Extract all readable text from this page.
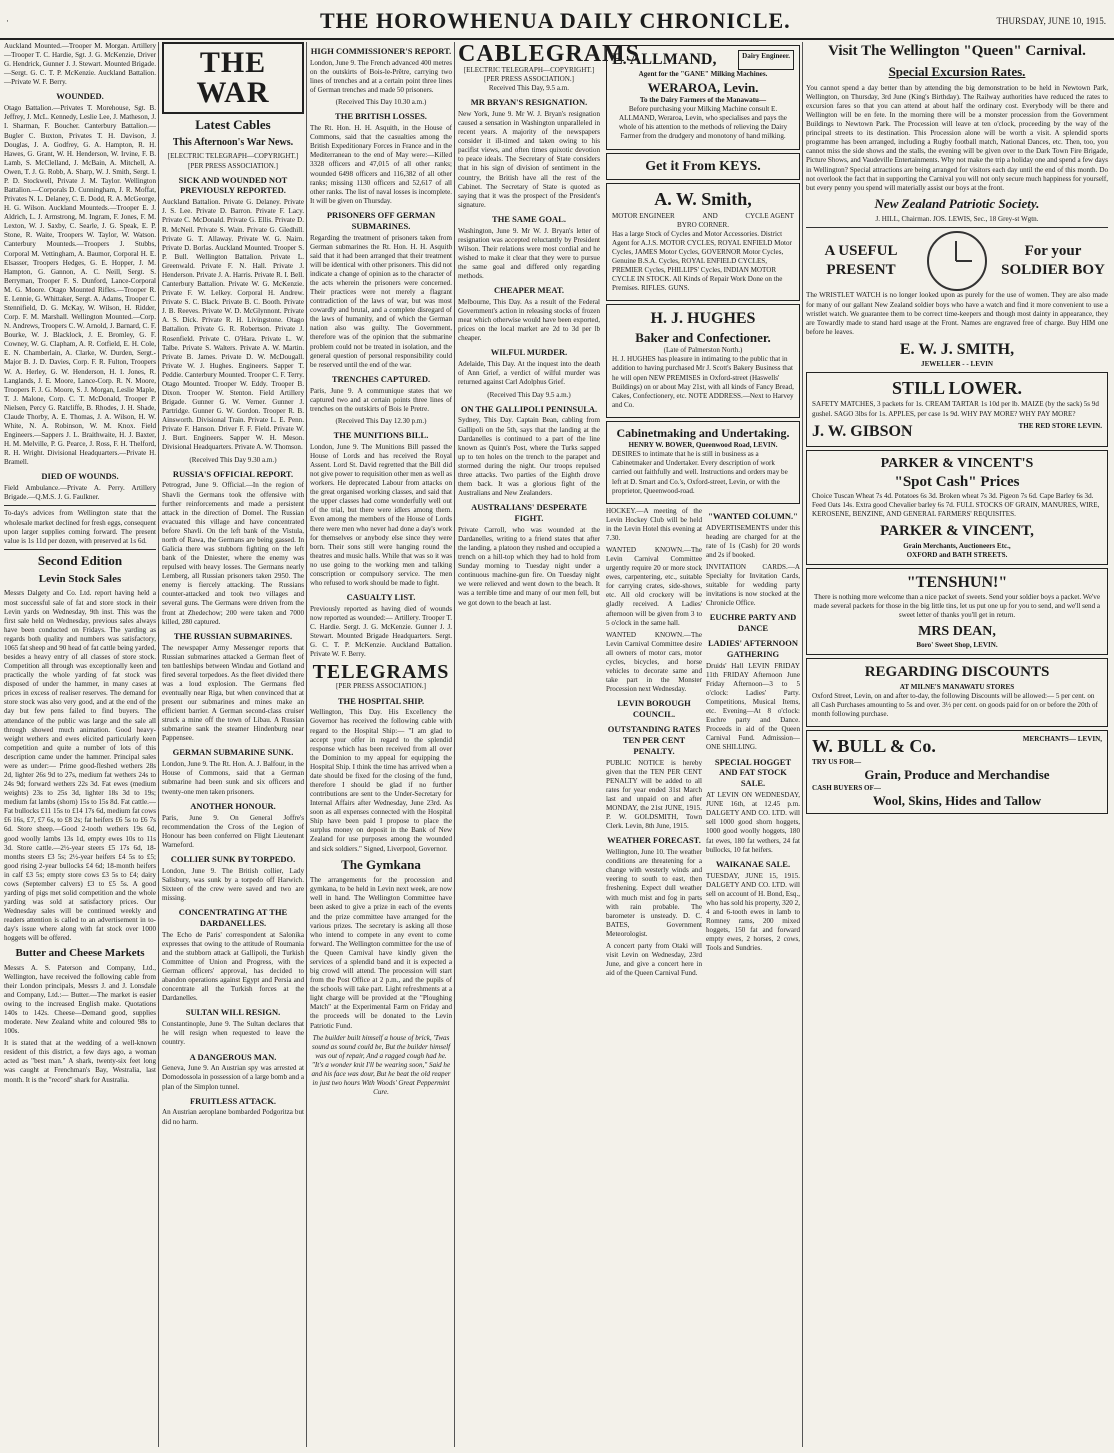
·	THE HOROWHENUA DAILY CHRONICLE.	THURSDAY, JUNE 10, 1915.

Auckland Mounted.—Trooper M. Morgan. Artillery—Trooper T. C. Hardie, Sgt. J. G. McKenzie, Driver G. Hendrick, Gunner J. J. Stewart. Mounted Brigade.—Sergt. G. C. T. P. McKenzie. Auckland Battalion.—Private W. F. Berry.

WOUNDED.

Otago Battalion.—Privates T. Morehouse, Sgt. B. Jeffrey, J. McL. Kennedy, Leslie Lee, J. Matheson, J. I. Sharman, F. Boucher. Canterbury Battalion.—Bugler C. Buxton, Privates T. H. Davison, J. Douglas, J. A. Godfrey, G. A. Hampton, R. H. Hawes, G. Grant, W. H. Henderson, W. Irvine, F. B. Lamb, S. McClelland, J. McBain, A. Mitchell, A. Owen, T. J. G. Robb, A. Sharp, W. J. Smith, Sergt. I. P. D. Stockwell, Private J. M. Taylor. Wellington Battalion.—Corporals D. Cunningham, J. R. Moffat, Privates N. L. Delaney, C. E. Dodd, R. A. McGeorge, H. G. Wilson. Auckland Mounteds.—Trooper E. J. Aldrich, L. J. Armstrong, M. Ingram, F. Jones, F. M. Lexton, W. J. Saxby, C. Searle, J. G. Speak, E. P. Stone, R. Waite, Troopers W. Taylor, W. Watson. Canterbury Mounteds.—Troopers J. Stubbs, Corporal M. Vettingham, A. Baumor, Corporal H. E. Elsasser, Troopers Hedges, G. E. Hopper, J. M. Hampton, G. Gannon, A. C. Neill, Sergt. S. Berryman, Trooper F. S. Dunford, Lance-Corporal M. G. Moore. Otago Mounted Rifles.—Trooper R. E. Lennie, G. Whittaker, Sergt. A. Adams, Trooper C. Stennifield, D. G. McKay, W. Wilson, H. Ridder, Corp. F. M. Marshall. Wellington Mounted.—Corp. N. Andrews, Troopers C. W. Arnold, J. Barnard, C. F. Bourke, W. J. Blacklock, J. E. Bromley, G. F. Cowney, W. G. Clapham, A. R. Cotfield, E. H. Cole, E. N. Chamberlain, A. Clarke, W. Durden, Sergt.-Major B. J. D. Davies, Corp. F. R. Fulton, Troopers W. A. Herley, G. W. Henderson, H. I. Jones, R. Langlands, J. E. Moore, Lance-Corp. R. N. Moore, Troopers F. J. G. Moore, S. J. Morgan, Leslie Maple, T. J. Malone, Corp. C. T. McDonald, Trooper P. Nielsen, Percy G. Ratcliffe, B. Rhodes, J. H. Shade, Claude Thorby, A. E. Thomas, J. A. Wilson, H. W. White, N. A. Robinson, W. M. Knox. Field Engineers.—Sappers J. L. Braithwaite, H. J. Baxter, H. M. Melville, P. G. Pearce, J. Ross, F. H. Thelford, R. H. Wright. Divisional Headquarters.—Private H. Bramell.

DIED OF WOUNDS.

Field Ambulance.—Private A. Perry. Artillery Brigade.—Q.M.S. J. G. Faulkner.

To-day's advices from Wellington state that the wholesale market declined for fresh eggs, consequent upon larger supplies coming forward. The present value is 1s 11d per dozen, with preserved at 1s 6d.

Second Edition
Levin Stock Sales

Messrs Dalgety and Co. Ltd. report having held a most successful sale of fat and store stock in their Levin yards on Wednesday, 9th inst. This was the first sale held on Wednesday, previous sales always have been conducted on Fridays. The yarding as regards both quality and numbers was satisfactory, 1065 fat sheep and 90 head of fat cattle being yarded, besides a heavy entry of all classes of store stock. Competition all through was exceptionally keen and practically the whole yarding of fat stock was disposed of under the hammer, in many cases at prices in excess of realiser reserves. The demand for store stock was also very good, and at the end of the day but few pens failed to find buyers. The attendance of the public was large and the sale all through showed much animation. Good heavy-weight wethers and ewes elicited particularly keen competition and quite a number of lots of this description came under the hammer. Principal sales were as under:— Prime good-fleshed wethers 28s 2d, lighter 26s 9d to 27s, medium fat wethers 24s to 24s 9d; forward wethers 22s 3d. Fat ewes (medium weights) 23s to 25s 3d, lighter 18s 3d to 19s; medium fat lambs (shorn) 15s to 15s 8d. Fat cattle.—Fat bullocks £11 15s to £14 17s 6d, medium fat cows £6 16s, £7, £7 6s, to £8 2s; fat heifers £6 5s to £6 7s 6d. Store sheep.—Good 2-tooth wethers 19s 6d, good woolly lambs 13s 1d, empty ewes 10s to 11s 3d. Store cattle.—2½-year steers £5 17s 6d, 18-months steers £3 5s; 2½-year heifers £4 5s to £5; good rising 2-year bullocks £4 6d; 18-month heifers in calf £3 5s; empty store cows £3 5s to £4; dairy cows (September calvers) £3 to £5 5s. A good yarding of pigs met solid competition and the whole yarding was sold at satisfactory prices. Our Wednesday sales will be continued weekly and readers attention is called to an advertisement in to-day's issue where along with fat stock over 1000 hoggets will be offered.

Butter and Cheese Markets

Messrs A. S. Paterson and Company, Ltd., Wellington, have received the following cable from their London principals, Messrs J. and J. Lonsdale and Company, Ltd.:— Butter.—The market is easier owing to the increased English make. Quotations 140s to 142s. Cheese—Demand good, supplies moderate. New Zealand white and coloured 98s to 100s.

It is stated that at the wedding of a well-known resident of this district, a few days ago, a woman acted as "best man." A shark, twenty-six feet long was caught at Frenchman's Bay, Westralia, last month. It is the "record" shark for Australia.

THE WAR
Latest Cables
This Afternoon's War News.

[ELECTRIC TELEGRAPH—COPYRIGHT.] [PER PRESS ASSOCIATION.]

SICK AND WOUNDED NOT PREVIOUSLY REPORTED.

Auckland Battalion. Private G. Delaney. Private J. S. Lee. Private D. Barron. Private F. Lacy. Private C. McDonald. Private G. Ellis. Private D. R. McNeil. Private S. Wain. Private G. Gledhill. Private G. T. Allaway. Private W. G. Nairn. Private D. Borlas. Auckland Mounted. Trooper S. P. Bull. Wellington Battalion. Private L. Greenwald. Private F. N. Hall. Private J. Henderson. Private J. A. Harris. Private R. I. Bell. Canterbury Battalion. Private W. G. McKenzie. Private F. W. Lelkey. Corporal H. Andrew. Private S. C. Black. Private B. C. Booth. Private J. B. Reeves. Private W. D. McGlynnont. Private A. S. Dick. Private R. H. Livingstone. Otago Battalion. Private G. R. Robertson. Private J. Rosenfield. Private C. O'Hara. Private L. W. Talbe. Private S. Walters. Private A. W. Martin. Private B. James. Private D. W. McDougall. Private W. J. Hughes. Engineers. Sapper T. Peddie. Canterbury Mounted. Trooper C. F. Terry. Otago Mounted. Trooper W. Eddy. Trooper B. Dixon. Trooper W. Stenton. Field Artillery Brigade. Gunner G. W. Verner. Gunner J. Partridge. Gunner G. W. Gordon. Trooper R. B. Ainsworth. Divisional Train. Private L. E. Penn. Private F. Hanson. Driver F. F. Field. Private W. J. Burt. Engineers. Sapper W. H. Meson. Divisional Headquarters. Private A. W. Thomson.

(Received This Day 9.30 a.m.)

RUSSIA'S OFFICIAL REPORT.

Petrograd, June 9. Official.—In the region of Shavli the Germans took the offensive with further reinforcements and made a persistent attack in the direction of Domel. The Russian evacuated this village and have concentrated before Shavli. On the left bank of the Vistula, north of Rawa, the Germans are being gassed. In Galicia there was stubborn fighting on the left bank of the Dniester, where the enemy was repulsed with heavy losses. The Germans nearly Lemberg, all Russian prisoners taken 2950. The enemy is fiercely attacking. The Russians counter-attacked and took two villages and several guns. The Germans were driven from the front at Zhedechow; 200 were taken and 7000 killed, 280 captured.

THE RUSSIAN SUBMARINES.

The newspaper Army Messenger reports that Russian submarines attacked a German fleet of ten battleships between Windau and Gotland and fired several torpedoes. As the fleet divided there was a loud explosion. The Germans fled eventually near Riga, but when convinced that at present our submarines and mines make an efficient barrier. A German second-class cruiser struck a mine off the town of Libau. A Russian submarine sank the steamer Hindenburg near Pappensee.

GERMAN SUBMARINE SUNK.

London, June 9. The Rt. Hon. A. J. Balfour, in the House of Commons, said that a German submarine had been sunk and six officers and twenty-one men taken prisoners.

ANOTHER HONOUR.

Paris, June 9. On General Joffre's recommendation the Cross of the Legion of Honour has been conferred on Flight Lieutenant Warneford.

COLLIER SUNK BY TORPEDO.

London, June 9. The British collier, Lady Salisbury, was sunk by a torpedo off Harwich. Sixteen of the crew were saved and two are missing.

CONCENTRATING AT THE DARDANELLES.

The Echo de Paris' correspondent at Salonika expresses that owing to the attitude of Roumania and the stubborn attack at Gallipoli, the Turkish Committee of Union and Progress, with the German officers' approval, has decided to abandon operations against Egypt and Persia and concentrate all the Turkish forces at the Dardanelles.

SULTAN WILL RESIGN.

Constantinople, June 9. The Sultan declares that he will resign when requested to leave the country.

A DANGEROUS MAN.

Geneva, June 9. An Austrian spy was arrested at Domodossola in possession of a large bomb and a plan of the Simplon tunnel.

FRUITLESS ATTACK.

An Austrian aeroplane bombarded Podgoritza but did no harm.

HIGH COMMISSIONER'S REPORT.

London, June 9. The French advanced 400 metres on the outskirts of Bois-le-Prêtre, carrying two lines of trenches and at a certain point three lines of German trenches and made 50 prisoners.

(Received This Day 10.30 a.m.)

THE BRITISH LOSSES.

The Rt. Hon. H. H. Asquith, in the House of Commons, said that the casualties among the British Expeditionary Forces in France and in the Mediterranean to the end of May were:—Killed 3328 officers and 47,015 of all other ranks; wounded 6498 officers and 116,382 of all other ranks; missing 1130 officers and 52,617 of all other ranks. The list of naval losses is incomplete. It will be given on Thursday.

PRISONERS OFF GERMAN SUBMARINES.

Regarding the treatment of prisoners taken from German submarines the Rt. Hon. H. H. Asquith said that it had been arranged that their treatment will be identical with other prisoners. This did not indicate a change of opinion as to the character of the acts wherein the prisoners were concerned. Their practices were not merely a flagrant contradiction of the laws of war, but was most cowardly and brutal, and a complete disregard of the laws of humanity, and of which the German nation also was guilty. The Government, therefore was of the opinion that the submarine problem could not be treated in isolation, and the general question of personal responsibility could be reserved until the end of the war.

TRENCHES CAPTURED.

Paris, June 9. A communique states that we captured two and at certain points three lines of trenches on the outskirts of Bois le Pretre.

(Received This Day 12.30 p.m.)

THE MUNITIONS BILL.

London, June 9. The Munitions Bill passed the House of Lords and has received the Royal Assent. Lord St. David regretted that the Bill did not give power to requisition other men as well as workers. He deprecated Labour from attacks on the great organised working classes, and said that the upper classes had come wonderfully well out of the trial, but there were idlers among them. Even among the members of the House of Lords there were men who never had done a day's work for themselves or anybody else since they were born. Their sons still were hanging round the theatres and music halls. While that was so it was no use going to the working men and talking conscription or compulsory service. The men who refused to work should be made to fight.

CASUALTY LIST.

Previously reported as having died of wounds now reported as wounded:— Artillery. Trooper T. C. Hardie. Sergt. J. G. McKenzie. Gunner J. J. Stewart. Mounted Brigade Headquarters. Sergt. G. C. T. P. McKenzie. Auckland Battalion. Private W. F. Berry.

TELEGRAMS

[PER PRESS ASSOCIATION.]

THE HOSPITAL SHIP.

Wellington, This Day. His Excellency the Governor has received the following cable with regard to the Hospital Ship:— "I am glad to accept your offer in regard to the splendid response which has been received from all over the Dominion to my appeal for equipping the Hospital Ship. I think the time has arrived when a date should be fixed for the closing of the fund, therefore I should be glad if no further contributions are sent to the Under-Secretary for Internal Affairs after Wednesday, June 23rd. As soon as all expenses connected with the Hospital Ship have been paid I propose to place the surplus money on deposit in the Bank of New Zealand for use purposes among the wounded and sick soldiers." Signed, Liverpool, Governor.

The Gymkana

The arrangements for the procession and gymkana, to be held in Levin next week, are now well in hand. The Wellington Committee have been asked to give a prize in each of the events and the prize committee have arranged for the various prizes. The secretary is asking all those who intend to compete in any event to come forward. The Wellington committee for the use of the Queen Carnival have kindly given the services of a splendid band and it is expected a big crowd will attend. The procession will start from the Post Office at 2 p.m., and the pupils of the schools will take part. Light refreshments at a light charge will be provided at the "Ploughing Match" at the Experimental Farm on Friday and the proceeds will be donated to the Levin Patriotic Fund.

The builder built himself a house of brick, 'Twas sound as sound could be, But the builder himself was out of repair, And a ragged cough had he. "It's a wonder knit I'll be wearing soon," Said he and his face was dour, But he beat the old reaper in just two hours With Woods' Great Peppermint Cure.

CABLEGRAMS

[ELECTRIC TELEGRAPH—COPYRIGHT.] [PER PRESS ASSOCIATION.]

Received This Day, 9.5 a.m.

MR BRYAN'S RESIGNATION.

New York, June 9. Mr W. J. Bryan's resignation caused a sensation in Washington unparalleled in recent years. A majority of the newspapers consider it ill-timed and taken owing to his pacifist views, and often times quixotic devotion to peace ideals. The Secretary of State considers that in his sign of division of sentiment in the country, the British have all the rest of the Cabinet. The Secretary of State is quoted as saying that it was the prospect of the President's signature.

THE SAME GOAL.

Washington, June 9. Mr W. J. Bryan's letter of resignation was accepted reluctantly by President Wilson. Their relations were most cordial and he wished to make it clear that they were to pursue the same goal and differed only regarding methods.

CHEAPER MEAT.

Melbourne, This Day. As a result of the Federal Government's action in releasing stocks of frozen meat which otherwise would have been exported, prices on the local market are 2d to 3d per lb cheaper.

WILFUL MURDER.

Adelaide, This Day. At the inquest into the death of Ann Grief, a verdict of wilful murder was returned against Carl Adolphus Grief.

(Received This Day 9.5 a.m.)

ON THE GALLIPOLI PENINSULA.

Sydney, This Day. Captain Bean, cabling from Gallipoli on the 5th, says that the landing at the Dardanelles is continued to a part of the line known as Quinn's Post, where the Turks sapped up to ten holes on the trench to the parapet and stormed during the night. Our troops repulsed three attacks. Two parties of the Eighth drove them back. It was a glorious fight of the Australians and New Zealanders.

AUSTRALIANS' DESPERATE FIGHT.

Private Carroll, who was wounded at the Dardanelles, writing to a friend states that after the landing, a platoon they rushed and occupied a trench on a hill-top which they had to hold from Sunday morning to Tuesday night under a continuous machine-gun fire. On Tuesday night we were relieved and went down to the beach. It was a terrible time and many of our men fell, but we got down to the beach at last.

E. ALLMAND,	Dairy Engineer.
Agent for the "GANE" Milking Machines.
WERAROA, Levin.
To the Dairy Farmers of the Manawatu—

Before purchasing your Milking Machine consult E. ALLMAND, Weraroa, Levin, who specialises and pays the whole of his attention to the methods of relieving the Dairy Farmer from the drudgery and monotony of hand milking.

Get it From KEYS.
A. W. Smith,
MOTOR ENGINEER	AND	CYCLE AGENT
BYRO CORNER.

Has a large Stock of Cycles and Motor Accessories. District Agent for A.J.S. MOTOR CYCLES, ROYAL ENFIELD Motor Cycles, JAMES Motor Cycles, GOVERNOR Motor Cycles, Genuine B.S.A. Cycles, ROYAL ENFIELD CYCLES, PREMIER Cycles, PHILLIPS' Cycles, INDIAN MOTOR CYCLE IN STOCK. All Kinds of Repair Work Done on the Premises. RIFLES. GUNS.

H. J. HUGHES
Baker and Confectioner.
(Late of Palmerston North.)

H. J. HUGHES has pleasure in intimating to the public that in addition to having purchased Mr J. Scott's Bakery Business that he will open NEW PREMISES in Oxford-street (Haswells' Buildings) on or about May 21st, with all kinds of Fancy Bread, Cakes, Confectionery, etc. NOTE ADDRESS.—Next to Harvey and Co.

Cabinetmaking and Undertaking.
HENRY W. BOWER, Queenwood Road, LEVIN.

DESIRES to intimate that he is still in business as a Cabinetmaker and Undertaker. Every description of work carried out faithfully and well. Instructions and orders may be left at D. Smart and Co.'s, Oxford-street, Levin, or with the proprietor, Queenwood-road.

HOCKEY.—A meeting of the Levin Hockey Club will be held in the Levin Hotel this evening at 7.30.

WANTED KNOWN.—The Levin Carnival Committee urgently require 20 or more stock ewes, carpentering, etc., suitable for carrying crates, side-shows, etc. All old crockery will be gladly received. A Ladies' afternoon will be given from 3 to 5 o'clock in the same hall.

WANTED KNOWN.—The Levin Carnival Committee desire all owners of motor cars, motor cycles, bicycles, and horse vehicles to decorate same and take part in the Monster Procession next Wednesday.

LEVIN BOROUGH COUNCIL.
OUTSTANDING RATES TEN PER CENT PENALTY.

PUBLIC NOTICE is hereby given that the TEN PER CENT PENALTY will be added to all rates for year ended 31st March last and unpaid on and after MONDAY, the 21st JUNE, 1915. P. W. GOLDSMITH, Town Clerk. Levin, 8th June, 1915.

WEATHER FORECAST.

Wellington, June 10. The weather conditions are threatening for a change with westerly winds and veering to south to east, then freshening. Expect dull weather with much mist and fog in parts with rain probable. The barometer is unsteady. D. C. BATES, Government Meteorologist.

A concert party from Otaki will visit Levin on Wednesday, 23rd June, and give a concert here in aid of the Queen Carnival Fund.

"WANTED COLUMN."

ADVERTISEMENTS under this heading are charged for at the rate of 1s (Cash) for 20 words and 2s if booked.

INVITATION CARDS.—A Specialty for Invitation Cards, suitable for wedding party invitations is now stocked at the Chronicle Office.

EUCHRE PARTY AND DANCE
LADIES' AFTERNOON GATHERING

Druids' Hall LEVIN FRIDAY 11th FRIDAY Afternoon June Friday Afternoon—3 to 5 o'clock: Ladies' Party. Competitions, Musical Items, etc. Evening—At 8 o'clock: Euchre party and Dance. Proceeds in aid of the Queen Carnival Fund. Admission—ONE SHILLING.

SPECIAL HOGGET AND FAT STOCK SALE.

AT LEVIN ON WEDNESDAY, JUNE 16th, at 12.45 p.m. DALGETY AND CO. LTD. will sell 1000 good shorn hoggets, 1000 good woolly hoggets, 180 fat ewes, 180 fat wethers, 24 fat bullocks, 10 fat heifers.

WAIKANAE SALE.

TUESDAY, JUNE 15, 1915. DALGETY AND CO. LTD. will sell on account of H. Bond, Esq., who has sold his property, 320 2, 4 and 6-tooth ewes in lamb to Romney rams, 200 mixed hoggets, 150 fat and forward empty ewes, 2 horses, 2 cows, Tools and Sundries.

Visit The Wellington "Queen" Carnival.
Special Excursion Rates.

You cannot spend a day better than by attending the big demonstration to be held in Newtown Park, Wellington, on Thursday, 3rd June (King's Birthday). The Railway authorities have reduced the rates to excursion fares so that you can attend at about half the ordinary cost. Everybody will be there and Wellington will be en fete. In the morning there will be a monster procession from the Government Buildings to Newtown Park. The Procession will leave at ten o'clock, proceeding by the way of the principal streets to its destination. This Procession alone will be worth a visit. A splendid sports programme has been arranged, including a Rugby football match, National Dances, etc. Then, too, you cannot miss the side shows and the stalls, the evening will be given over to the Dark Town Fire Brigade, Picture Shows, and Vaudeville Entertainments. Why not make the trip a holiday one and spend a few days in Wellington? Special attractions are being arranged for visitors each day until the end of this month. Do not overlook the fact that in supporting the Carnival you will not only secure much happiness for yourself, but every penny you spend will materially assist our boys at the front.

New Zealand Patriotic Society.

J. HILL, Chairman. JOS. LEWIS, Sec., 18 Grey-st Wgtn.

A USEFUL PRESENT
For your SOLDIER BOY

The WRISTLET WATCH is no longer looked upon as purely for the use of women. They are also made for many of our gallant New Zealand soldier boys who have a watch and find it more convenient to use a wristlet watch. We guarantee them to be correct time-keepers and though most dainty in appearance, they are Towardly made to stand hard usage at the Front. Names are engraved free of charge. Buy HIM one before he leaves.

E. W. J. SMITH,
JEWELLER - - LEVIN
STILL LOWER.

SAFETY MATCHES, 3 packets for 1s. CREAM TARTAR 1s 10d per lb. MAIZE (by the sack) 5s 9d gushel. SAGO 3lbs for 1s. APPLES, per case 1s 9d. WHY PAY MORE? WHY PAY MORE?

J. W. GIBSON	THE RED STORE LEVIN.
PARKER & VINCENT'S
"Spot Cash" Prices

Choice Tuscan Wheat 7s 4d. Potatoes 6s 3d. Broken wheat 7s 3d. Pigeon 7s 6d. Cape Barley 6s 3d. Feed Oats 14s. Extra good Chevalier barley 6s 7d. FULL STOCKS OF GRAIN, MANURES, WIRE, KEROSENE, BENZINE, AND GENERAL FARMERS' REQUISITES.

PARKER & VINCENT,
Grain Merchants, Auctioneers Etc.,
OXFORD and BATH STREETS.
"TENSHUN!"

There is nothing more welcome than a nice packet of sweets. Send your soldier boys a packet. We've made several packets for those in the big little tins, let us put one up for you to send, and we'll send a sweet letter of thanks you'll get in return.

MRS DEAN,
Boro' Sweet Shop, LEVIN.
REGARDING DISCOUNTS
AT MILNE'S MANAWATU STORES

Oxford Street, Levin, on and after to-day, the following Discounts will be allowed:— 5 per cent. on all Cash Purchases amounting to 5s and over. 3½ per cent. on goods paid for on or before the 20th of month following purchase.

W. BULL & Co.	MERCHANTS— LEVIN,
TRY US FOR—
Grain, Produce and Merchandise
CASH BUYERS OF—
Wool, Skins, Hides and Tallow
